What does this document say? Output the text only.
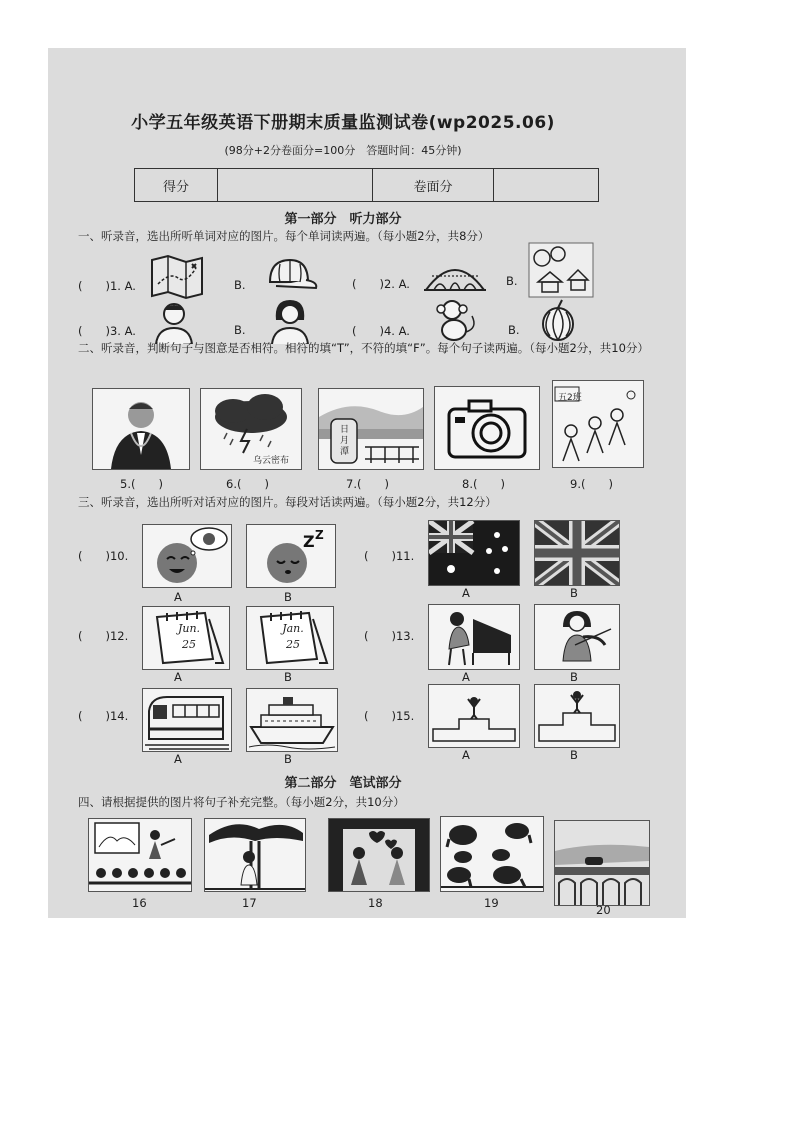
小学五年级英语下册期末质量监测试卷(wp2025.06)
(98分+2分卷面分=100分　答题时间：45分钟)
得分		卷面分	
第一部分　听力部分
一、听录音，选出所听单词对应的图片。每个单词读两遍。（每小题2分，共8分）
(　　)1. A.	B.	(　　)2. A.	B.
(　　)3. A.	B.	(　　)4. A.	B.
二、听录音，判断句子与图意是否相符。相符的填“T”，不符的填“F”。每个句子读两遍。（每小题2分，共10分）
乌云密布
日月潭
五2班
5.(　　)	6.(　　)	7.(　　)	8.(　　)	9.(　　)
三、听录音，选出所听对话对应的图片。每段对话读两遍。（每小题2分，共12分）
(　　)10.
Z Z
A	B
(　　)11.
A	B
(　　)12.
Jun. 25
Jan. 25
A	B
(　　)13.
A	B
(　　)14.
A	B
(　　)15.
A	B
第二部分　笔试部分
四、请根据提供的图片将句子补充完整。（每小题2分，共10分）
16	17	18	19	20
